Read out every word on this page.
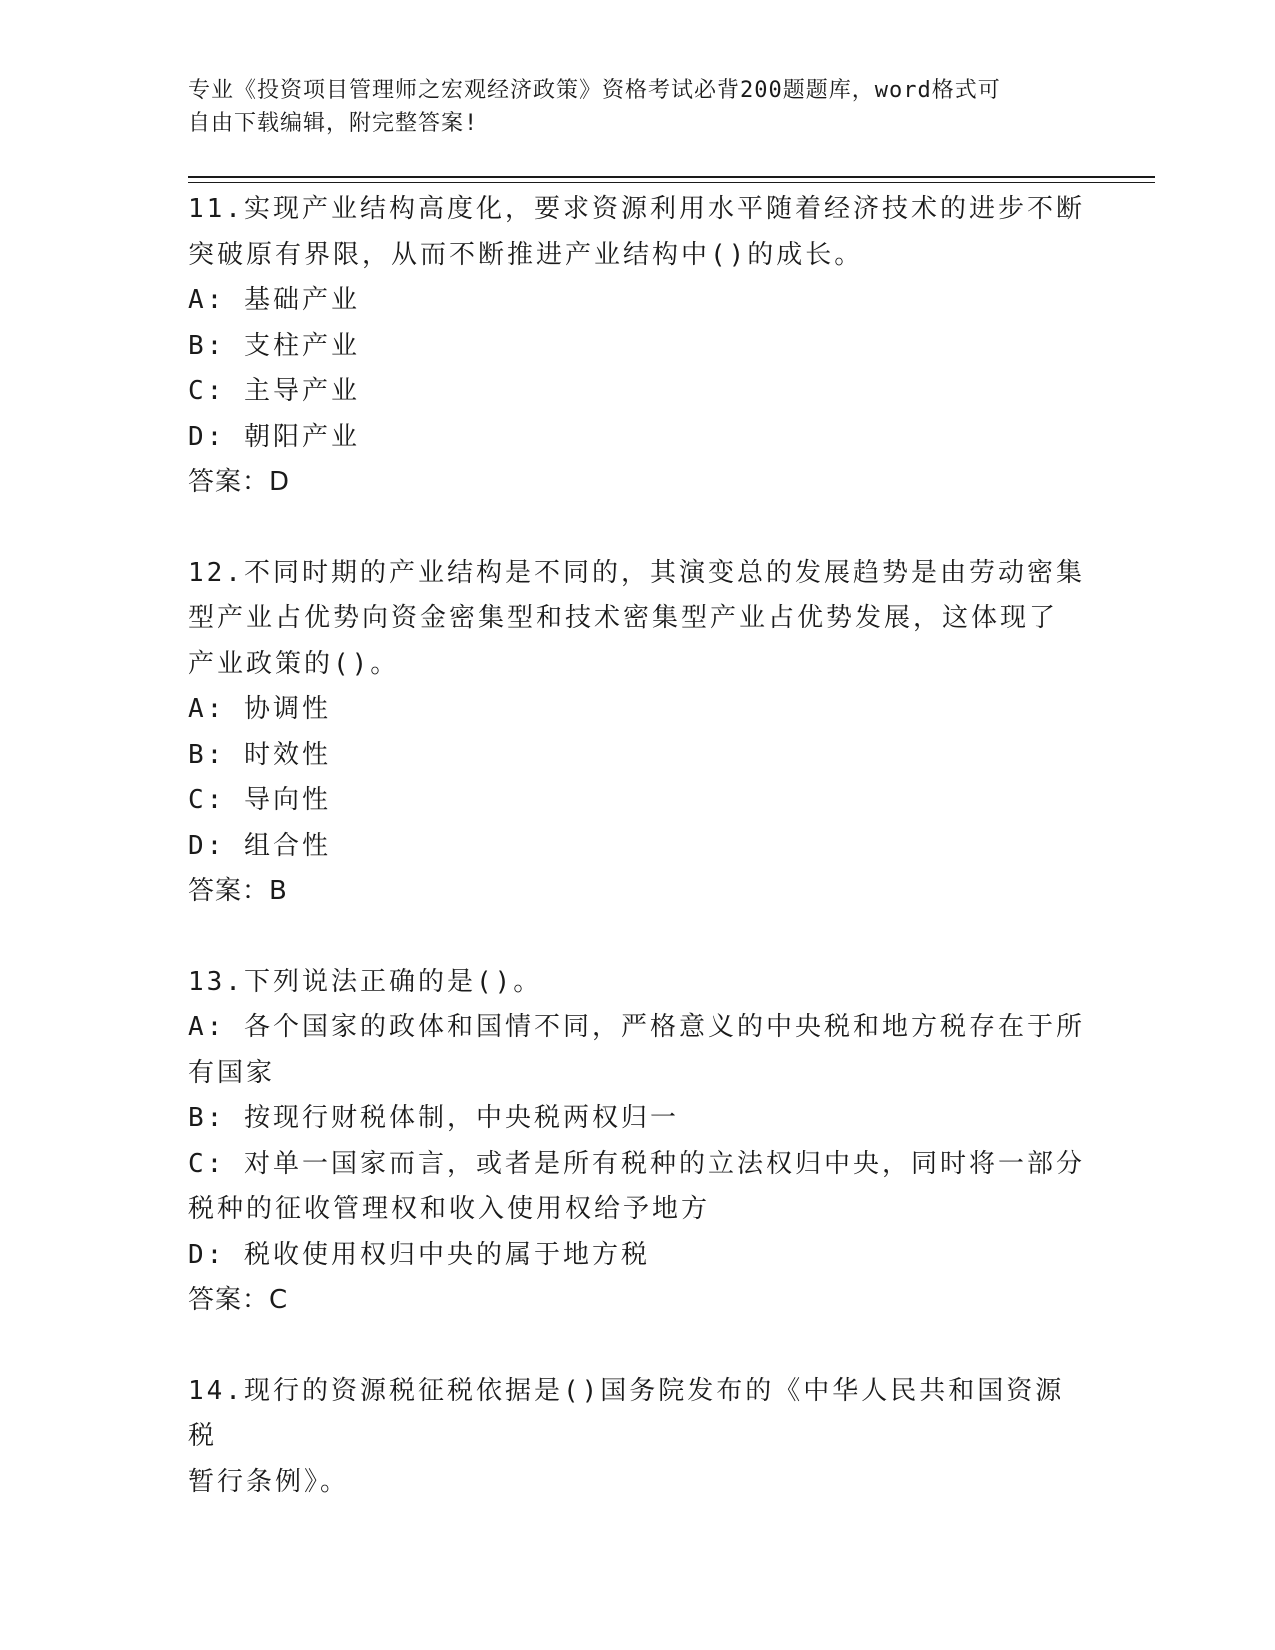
专业《投资项目管理师之宏观经济政策》资格考试必背200题题库，word格式可
自由下载编辑，附完整答案!
11.实现产业结构高度化，要求资源利用水平随着经济技术的进步不断
突破原有界限，从而不断推进产业结构中()的成长。
A: 基础产业
B: 支柱产业
C: 主导产业
D: 朝阳产业
答案：D
12.不同时期的产业结构是不同的，其演变总的发展趋势是由劳动密集
型产业占优势向资金密集型和技术密集型产业占优势发展，这体现了
产业政策的()。
A: 协调性
B: 时效性
C: 导向性
D: 组合性
答案：B
13.下列说法正确的是()。
A: 各个国家的政体和国情不同，严格意义的中央税和地方税存在于所
有国家
B: 按现行财税体制，中央税两权归一
C: 对单一国家而言，或者是所有税种的立法权归中央，同时将一部分
税种的征收管理权和收入使用权给予地方
D: 税收使用权归中央的属于地方税
答案：C
14.现行的资源税征税依据是()国务院发布的《中华人民共和国资源税
暂行条例》。
